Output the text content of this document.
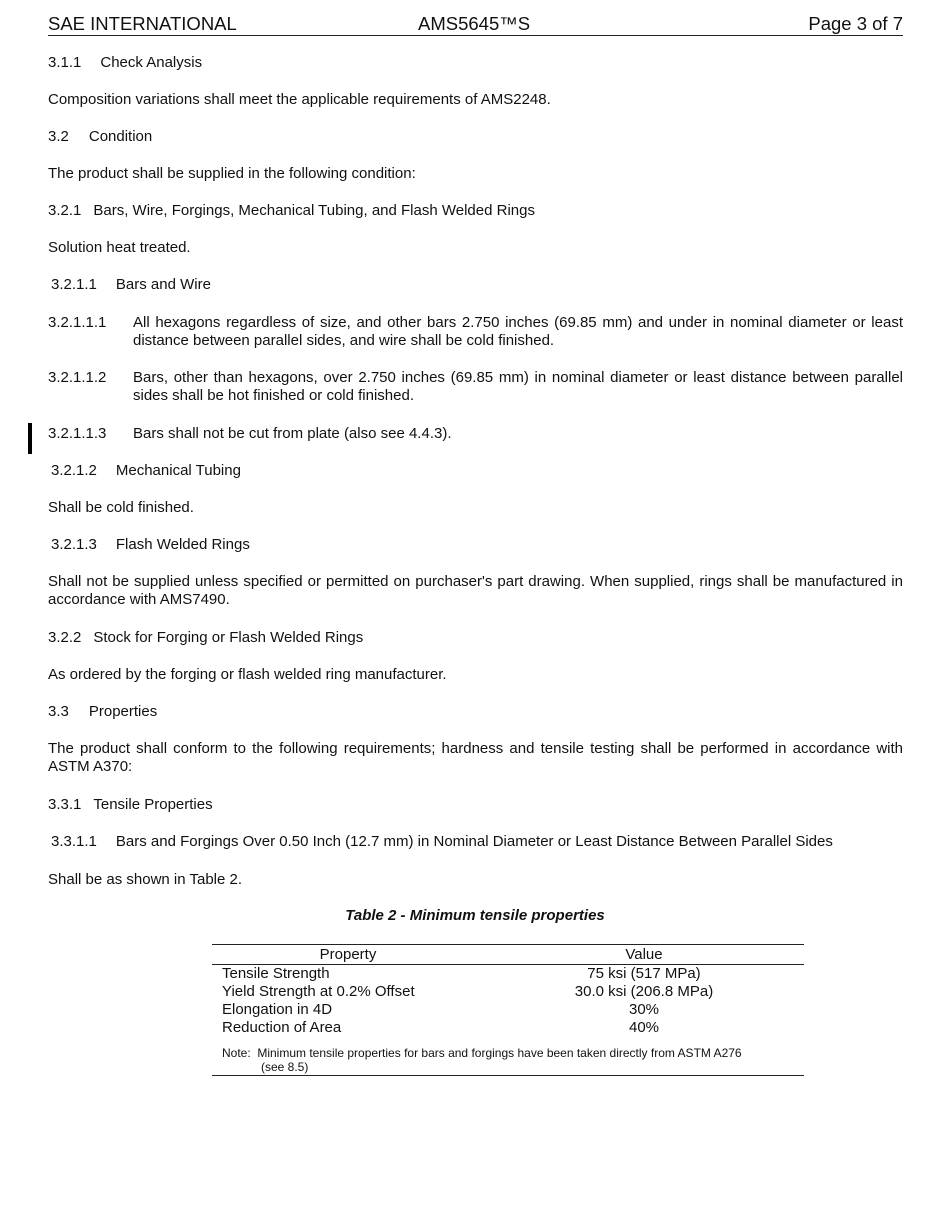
SAE INTERNATIONAL	AMS5645™S	Page 3 of 7
3.1.1 Check Analysis
Composition variations shall meet the applicable requirements of AMS2248.
3.2 Condition
The product shall be supplied in the following condition:
3.2.1 Bars, Wire, Forgings, Mechanical Tubing, and Flash Welded Rings
Solution heat treated.
3.2.1.1 Bars and Wire
3.2.1.1.1 All hexagons regardless of size, and other bars 2.750 inches (69.85 mm) and under in nominal diameter or least distance between parallel sides, and wire shall be cold finished.
3.2.1.1.2 Bars, other than hexagons, over 2.750 inches (69.85 mm) in nominal diameter or least distance between parallel sides shall be hot finished or cold finished.
3.2.1.1.3 Bars shall not be cut from plate (also see 4.4.3).
3.2.1.2 Mechanical Tubing
Shall be cold finished.
3.2.1.3 Flash Welded Rings
Shall not be supplied unless specified or permitted on purchaser's part drawing. When supplied, rings shall be manufactured in accordance with AMS7490.
3.2.2 Stock for Forging or Flash Welded Rings
As ordered by the forging or flash welded ring manufacturer.
3.3 Properties
The product shall conform to the following requirements; hardness and tensile testing shall be performed in accordance with ASTM A370:
3.3.1 Tensile Properties
3.3.1.1 Bars and Forgings Over 0.50 Inch (12.7 mm) in Nominal Diameter or Least Distance Between Parallel Sides
Shall be as shown in Table 2.
Table 2 - Minimum tensile properties
Property	Value
Tensile Strength	75 ksi (517 MPa)
Yield Strength at 0.2% Offset	30.0 ksi (206.8 MPa)
Elongation in 4D	30%
Reduction of Area	40%
Note:  Minimum tensile properties for bars and forgings have been taken directly from ASTM A276
(see 8.5)
